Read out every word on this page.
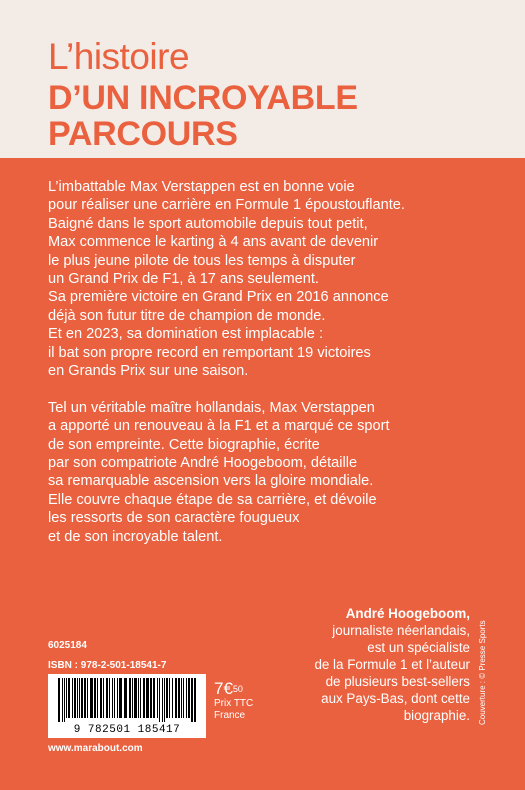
L’histoire
D’UN INCROYABLE
PARCOURS

L’imbattable Max Verstappen est en bonne voie
pour réaliser une carrière en Formule 1 époustouflante.
Baigné dans le sport automobile depuis tout petit,
Max commence le karting à 4 ans avant de devenir
le plus jeune pilote de tous les temps à disputer
un Grand Prix de F1, à 17 ans seulement.
Sa première victoire en Grand Prix en 2016 annonce
déjà son futur titre de champion de monde.
Et en 2023, sa domination est implacable :
il bat son propre record en remportant 19 victoires
en Grands Prix sur une saison.

Tel un véritable maître hollandais, Max Verstappen
a apporté un renouveau à la F1 et a marqué ce sport
de son empreinte. Cette biographie, écrite
par son compatriote André Hoogeboom, détaille
sa remarquable ascension vers la gloire mondiale.
Elle couvre chaque étape de sa carrière, et dévoile
les ressorts de son caractère fougueux
et de son incroyable talent.

André Hoogeboom,
journaliste néerlandais,
est un spécialiste
de la Formule 1 et l’auteur
de plusieurs best-sellers
aux Pays-Bas, dont cette
biographie. Couverture : © Presse Sports
6025184
ISBN : 978-2-501-18541-7
9 782501 185417
7€$^{50}$
Prix TTC
France
www.marabout.com
